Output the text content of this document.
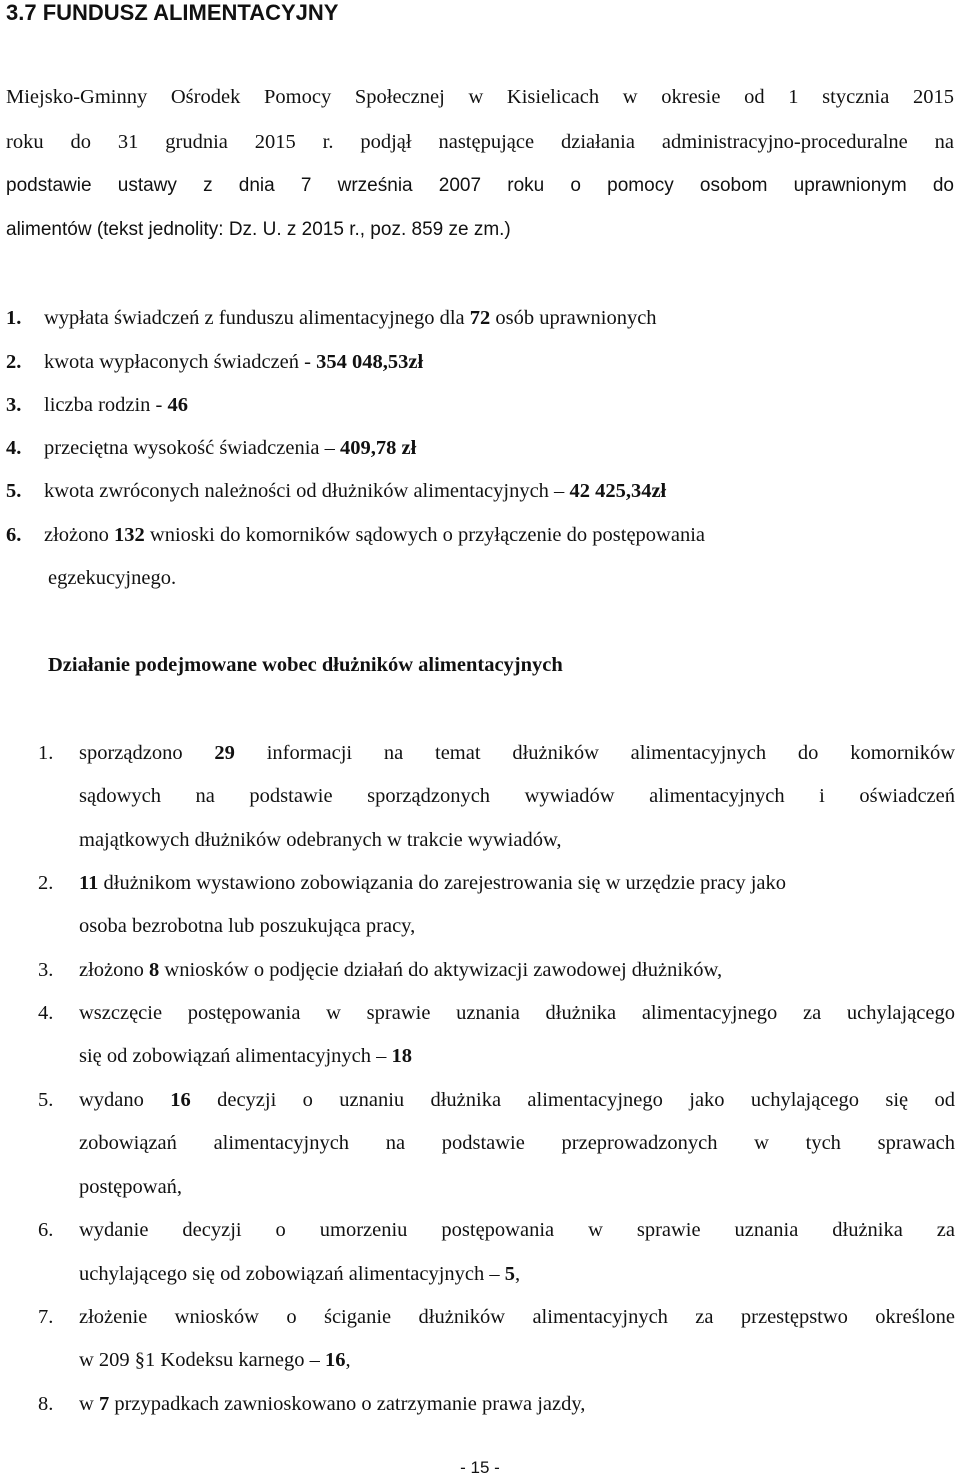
3.7 FUNDUSZ ALIMENTACYJNY
Miejsko-Gminny Ośrodek Pomocy Społecznej w Kisielicach w okresie od 1 stycznia 2015
roku do 31 grudnia 2015 r. podjął następujące działania administracyjno-proceduralne na
podstawie ustawy z dnia 7 września 2007 roku o pomocy osobom uprawnionym do
alimentów (tekst jednolity: Dz. U. z 2015 r., poz. 859 ze zm.)
1. wypłata świadczeń z funduszu alimentacyjnego dla 72 osób uprawnionych
2. kwota wypłaconych świadczeń - 354 048,53zł
3. liczba rodzin - 46
4. przeciętna wysokość świadczenia – 409,78 zł
5. kwota zwróconych należności od dłużników alimentacyjnych – 42 425,34zł
6. złożono 132 wnioski do komorników sądowych o przyłączenie do postępowania
egzekucyjnego.
Działanie podejmowane wobec dłużników alimentacyjnych
1. sporządzono 29 informacji na temat dłużników alimentacyjnych do komorników
sądowych na podstawie sporządzonych wywiadów alimentacyjnych i oświadczeń
majątkowych dłużników odebranych w trakcie wywiadów,
2. 11 dłużnikom wystawiono zobowiązania do zarejestrowania się w urzędzie pracy jako
osoba bezrobotna lub poszukująca pracy,
3. złożono 8 wniosków o podjęcie działań do aktywizacji zawodowej dłużników,
4. wszczęcie postępowania w sprawie uznania dłużnika alimentacyjnego za uchylającego
się od zobowiązań alimentacyjnych – 18
5. wydano 16 decyzji o uznaniu dłużnika alimentacyjnego jako uchylającego się od
zobowiązań alimentacyjnych na podstawie przeprowadzonych w tych sprawach
postępowań,
6. wydanie decyzji o umorzeniu postępowania w sprawie uznania dłużnika za
uchylającego się od zobowiązań alimentacyjnych – 5,
7. złożenie wniosków o ściganie dłużników alimentacyjnych za przestępstwo określone
w 209 §1 Kodeksu karnego – 16,
8. w 7 przypadkach zawnioskowano o zatrzymanie prawa jazdy,
- 15 -
